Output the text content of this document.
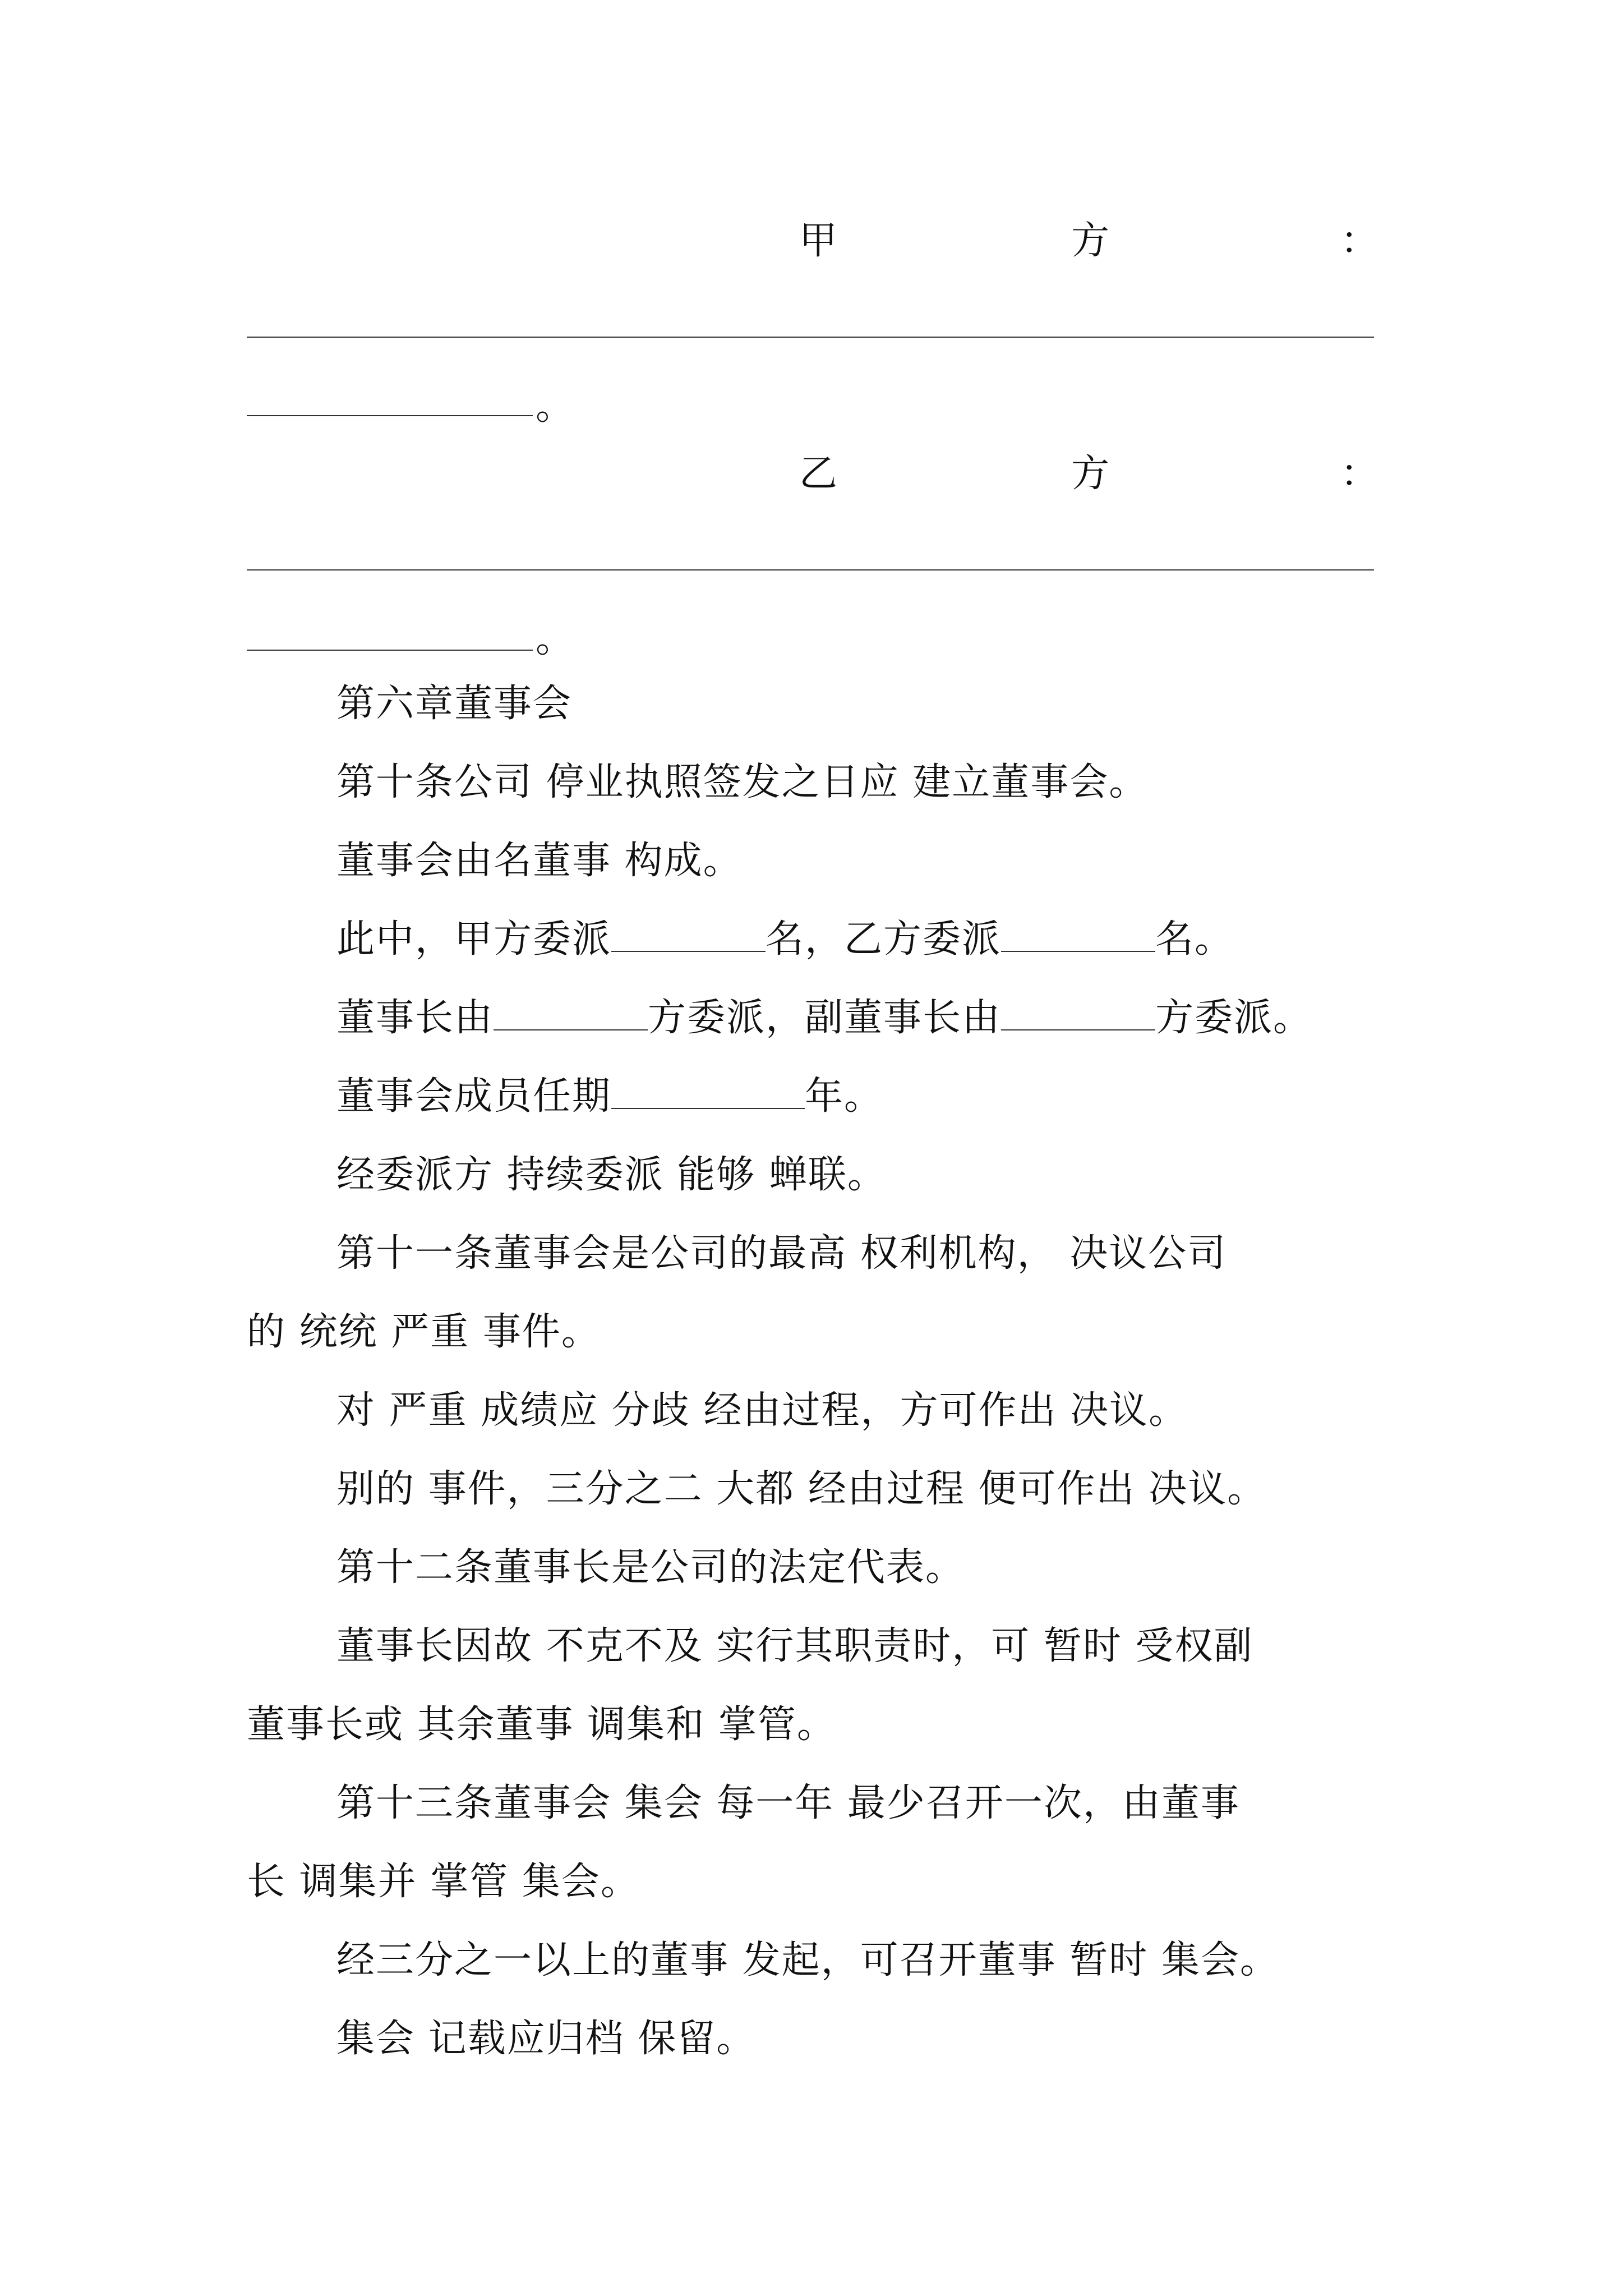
甲	方	：
。
乙	方	：
。
第六章董事会
第十条公司 停业执照签发之日应 建立董事会。
董事会由名董事 构成。
此中，甲方委派	名，乙方委派	名。
董事长由	方委派，副董事长由	方委派。
董事会成员任期	年。
经委派方 持续委派 能够 蝉联。
第十一条董事会是公司的最高 权利机构， 决议公司
的 统统 严重 事件。
对 严重 成绩应 分歧 经由过程，方可作出 决议。
别的 事件，三分之二 大都 经由过程 便可作出 决议。
第十二条董事长是公司的法定代表。
董事长因故 不克不及 实行其职责时，可 暂时 受权副
董事长或 其余董事 调集和 掌管。
第十三条董事会 集会 每一年 最少召开一次，由董事
长 调集并 掌管 集会。
经三分之一以上的董事 发起，可召开董事 暂时 集会。
集会 记载应归档 保留。
